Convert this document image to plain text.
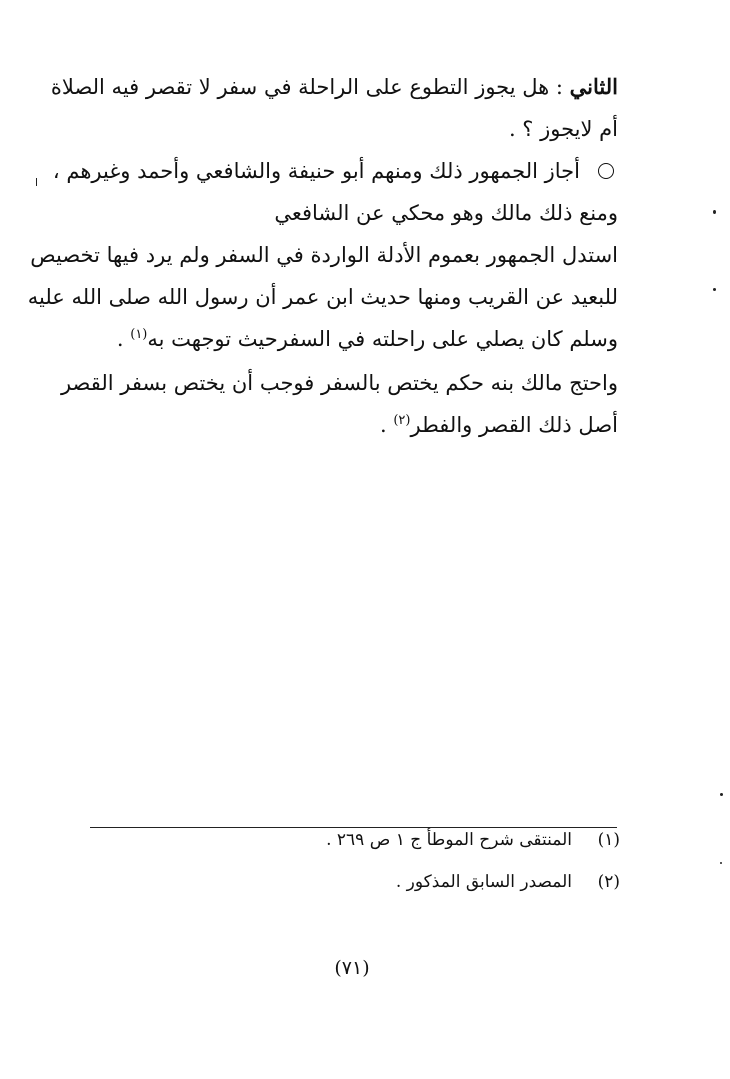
الثاني : هل يجوز التطوع على الراحلة في سفر لا تقصر فيه الصلاة
أم لايجوز ؟ .
أجاز الجمهور ذلك ومنهم أبو حنيفة والشافعي وأحمد وغيرهم ،
ومنع ذلك مالك وهو محكي عن الشافعي
استدل الجمهور بعموم الأدلة الواردة في السفر ولم يرد فيها تخصيص
للبعيد عن القريب ومنها حديث ابن عمر أن رسول الله صلى الله عليه
وسلم كان يصلي على راحلته في السفرحيث توجهت به$^{(١)}$ .
واحتج مالك بنه حكم يختص بالسفر فوجب أن يختص بسفر القصر
أصل ذلك القصر والفطر$^{(٢)}$ .
(١)المنتقى شرح الموطأ ج ١ ص ٢٦٩ .
(٢)المصدر السابق المذكور .
(٧١)
